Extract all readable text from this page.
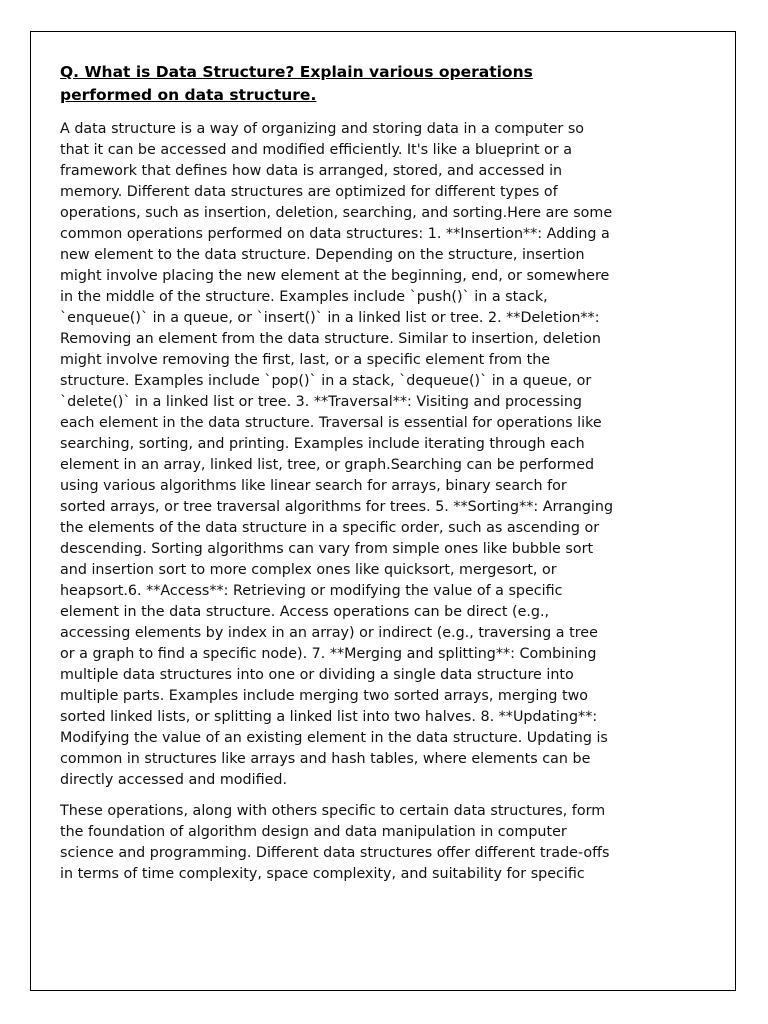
Q. What is Data Structure? Explain various operations
performed on data structure.

A data structure is a way of organizing and storing data in a computer so
that it can be accessed and modified efficiently. It's like a blueprint or a
framework that defines how data is arranged, stored, and accessed in
memory. Different data structures are optimized for different types of
operations, such as insertion, deletion, searching, and sorting.Here are some
common operations performed on data structures: 1. **Insertion**: Adding a
new element to the data structure. Depending on the structure, insertion
might involve placing the new element at the beginning, end, or somewhere
in the middle of the structure. Examples include `push()` in a stack,
`enqueue()` in a queue, or `insert()` in a linked list or tree. 2. **Deletion**:
Removing an element from the data structure. Similar to insertion, deletion
might involve removing the first, last, or a specific element from the
structure. Examples include `pop()` in a stack, `dequeue()` in a queue, or
`delete()` in a linked list or tree. 3. **Traversal**: Visiting and processing
each element in the data structure. Traversal is essential for operations like
searching, sorting, and printing. Examples include iterating through each
element in an array, linked list, tree, or graph.Searching can be performed
using various algorithms like linear search for arrays, binary search for
sorted arrays, or tree traversal algorithms for trees. 5. **Sorting**: Arranging
the elements of the data structure in a specific order, such as ascending or
descending. Sorting algorithms can vary from simple ones like bubble sort
and insertion sort to more complex ones like quicksort, mergesort, or
heapsort.6. **Access**: Retrieving or modifying the value of a specific
element in the data structure. Access operations can be direct (e.g.,
accessing elements by index in an array) or indirect (e.g., traversing a tree
or a graph to find a specific node). 7. **Merging and splitting**: Combining
multiple data structures into one or dividing a single data structure into
multiple parts. Examples include merging two sorted arrays, merging two
sorted linked lists, or splitting a linked list into two halves. 8. **Updating**:
Modifying the value of an existing element in the data structure. Updating is
common in structures like arrays and hash tables, where elements can be
directly accessed and modified.

These operations, along with others specific to certain data structures, form
the foundation of algorithm design and data manipulation in computer
science and programming. Different data structures offer different trade-offs
in terms of time complexity, space complexity, and suitability for specific
